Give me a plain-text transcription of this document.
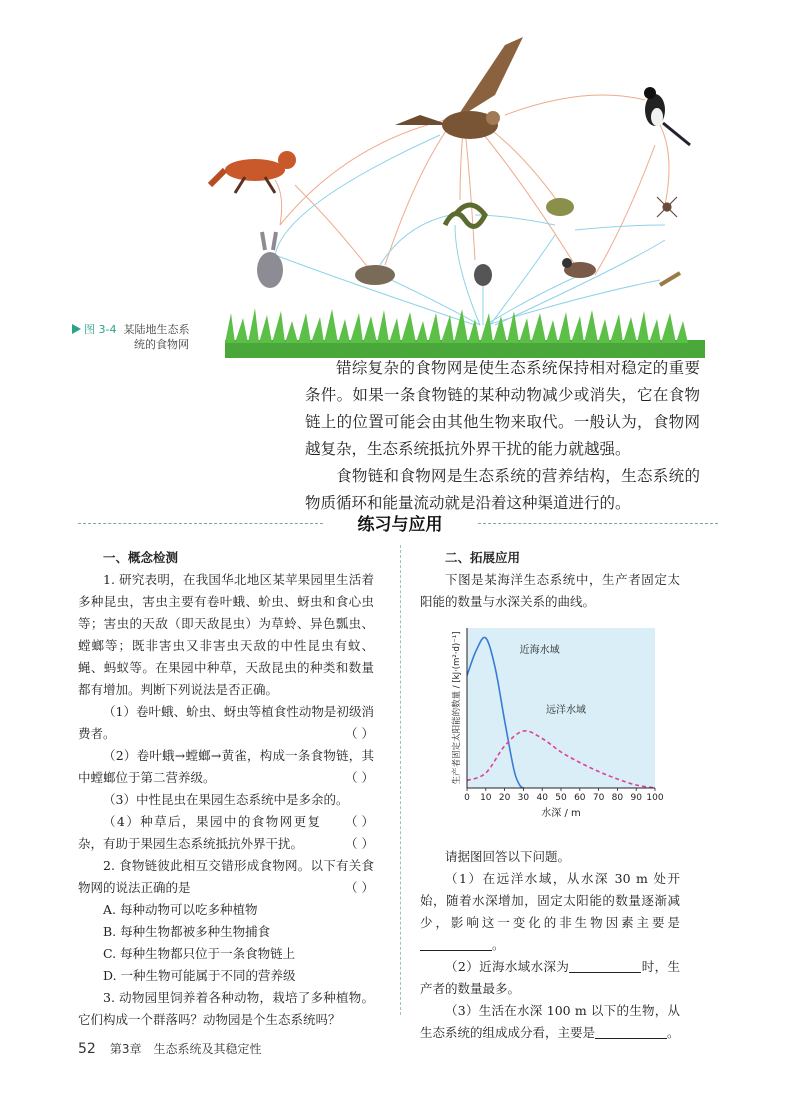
图 3-4 某陆地生态系
统的食物网

错综复杂的食物网是使生态系统保持相对稳定的重要条件。如果一条食物链的某种动物减少或消失，它在食物链上的位置可能会由其他生物来取代。一般认为，食物网越复杂，生态系统抵抗外界干扰的能力就越强。

食物链和食物网是生态系统的营养结构，生态系统的物质循环和能量流动就是沿着这种渠道进行的。

练习与应用
一、概念检测

1. 研究表明，在我国华北地区某苹果园里生活着多种昆虫，害虫主要有卷叶蛾、蚧虫、蚜虫和食心虫等；害虫的天敌（即天敌昆虫）为草蛉、异色瓢虫、螳螂等；既非害虫又非害虫天敌的中性昆虫有蚊、蝇、蚂蚁等。在果园中种草，天敌昆虫的种类和数量都有增加。判断下列说法是否正确。

（1）卷叶蛾、蚧虫、蚜虫等植食性动物是初级消费者。	（ ）

（2）卷叶蛾→螳螂→黄雀，构成一条食物链，其中螳螂位于第二营养级。	（ ）

（3）中性昆虫在果园生态系统中是多余的。
（ ）

（4）种草后，果园中的食物网更复杂，有助于果园生态系统抵抗外界干扰。	（ ）

2. 食物链彼此相互交错形成食物网。以下有关食物网的说法正确的是	（ ）

A. 每种动物可以吃多种植物
B. 每种生物都被多种生物捕食
C. 每种生物都只位于一条食物链上
D. 一种生物可能属于不同的营养级

3. 动物园里饲养着各种动物，栽培了多种植物。它们构成一个群落吗？动物园是个生态系统吗？

二、拓展应用

下图是某海洋生态系统中，生产者固定太阳能的数量与水深关系的曲线。

0 10 20 30 40 50 60 70 80 90 100
水深 / m
生产者固定太阳能的数量 / [kJ·(m²·d)⁻¹]	近海水域
远洋水域

请据图回答以下问题。

（1）在远洋水域，从水深 30 m 处开始，随着水深增加，固定太阳能的数量逐渐减少，影响这一变化的非生物因素主要是。

（2）近海水域水深为	时，生产者的数量最多。

（3）生活在水深 100 m 以下的生物，从生态系统的组成成分看，主要是	。

52 第3章 生态系统及其稳定性
